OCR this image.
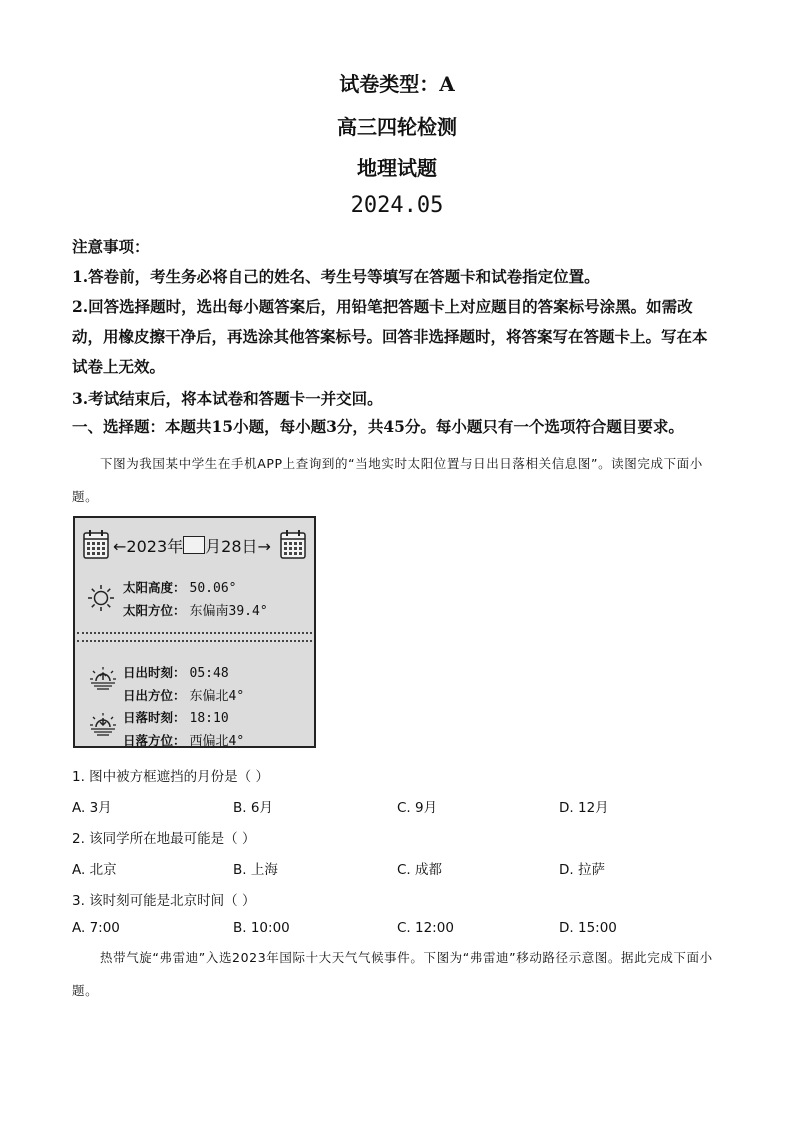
试卷类型：A
高三四轮检测
地理试题
2024.05
注意事项：
1.答卷前，考生务必将自己的姓名、考生号等填写在答题卡和试卷指定位置。
2.回答选择题时，选出每小题答案后，用铅笔把答题卡上对应题目的答案标号涂黑。如需改动，用橡皮擦干净后，再选涂其他答案标号。回答非选择题时，将答案写在答题卡上。写在本试卷上无效。
3.考试结束后，将本试卷和答题卡一并交回。
一、选择题：本题共15小题，每小题3分，共45分。每小题只有一个选项符合题目要求。
下图为我国某中学生在手机APP上查询到的“当地实时太阳位置与日出日落相关信息图”。读图完成下面小题。
←2023年 月28日→
太阳高度： 50.06°
太阳方位： 东偏南39.4°
日出时刻： 05:48
日出方位： 东偏北4°
日落时刻： 18:10
日落方位： 西偏北4°
1. 图中被方框遮挡的月份是（ ）
A. 3月	B. 6月	C. 9月	D. 12月
2. 该同学所在地最可能是（ ）
A. 北京	B. 上海	C. 成都	D. 拉萨
3. 该时刻可能是北京时间（ ）
A. 7:00	B. 10:00	C. 12:00	D. 15:00
热带气旋“弗雷迪”入选2023年国际十大天气气候事件。下图为“弗雷迪”移动路径示意图。据此完成下面小题。
